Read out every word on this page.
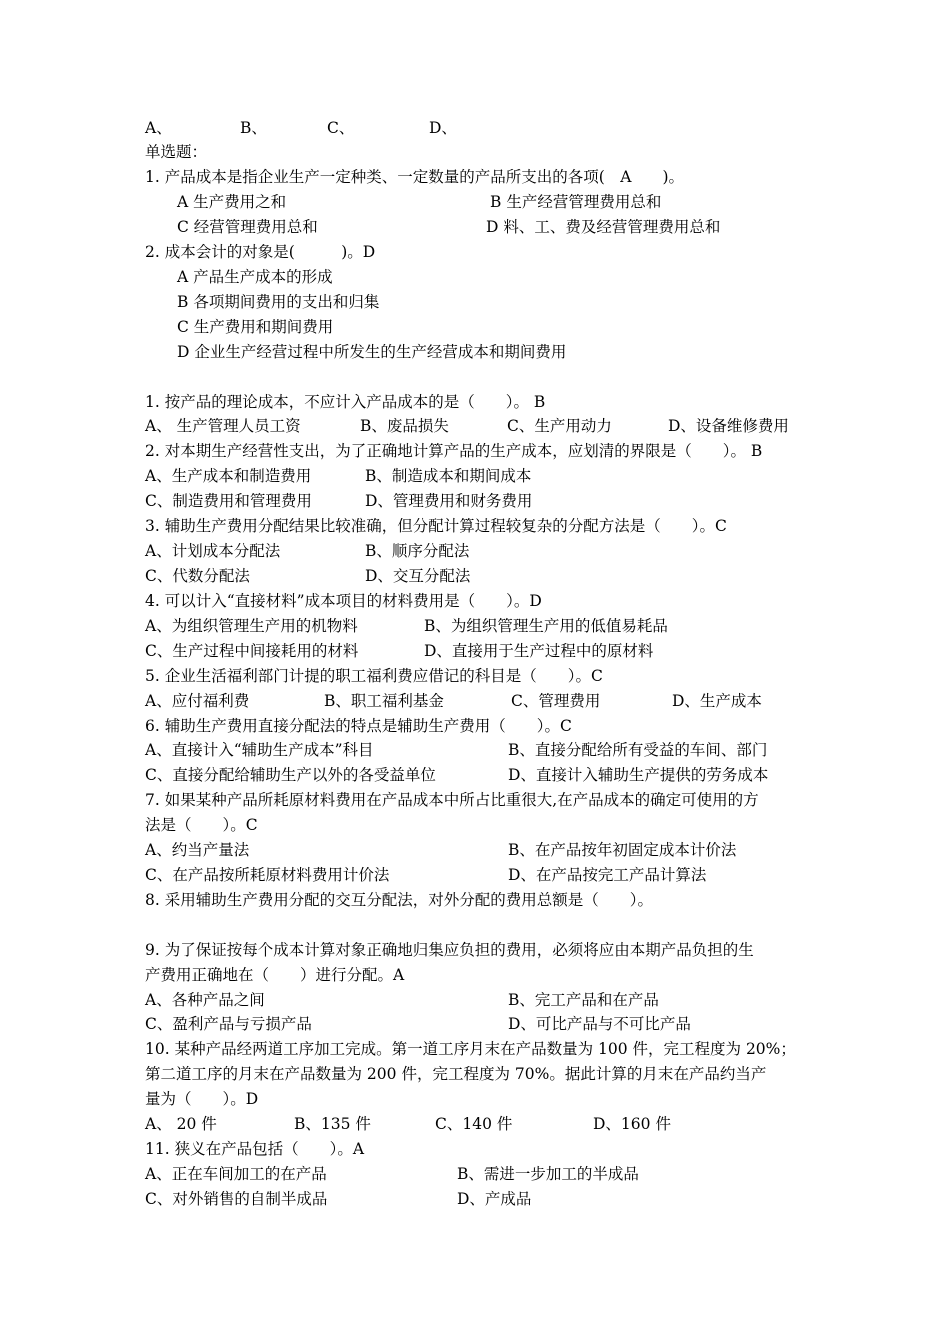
A、	B、	C、	D、
单选题：
1. 产品成本是指企业生产一定种类、一定数量的产品所支出的各项(　A　　)。
A 生产费用之和	B 生产经营管理费用总和
C 经营管理费用总和	D 料、工、费及经营管理费用总和
2. 成本会计的对象是(　　　)。D
A 产品生产成本的形成
B 各项期间费用的支出和归集
C 生产费用和期间费用
D 企业生产经营过程中所发生的生产经营成本和期间费用
1. 按产品的理论成本，不应计入产品成本的是（　　）。 B
A、 生产管理人员工资	B、废品损失	C、生产用动力	D、设备维修费用
2. 对本期生产经营性支出，为了正确地计算产品的生产成本，应划清的界限是（　　）。 B
A、生产成本和制造费用	B、制造成本和期间成本
C、制造费用和管理费用	D、管理费用和财务费用
3. 辅助生产费用分配结果比较准确，但分配计算过程较复杂的分配方法是（　　）。C
A、计划成本分配法	B、顺序分配法
C、代数分配法	D、交互分配法
4. 可以计入“直接材料”成本项目的材料费用是（　　）。D
A、为组织管理生产用的机物料	B、为组织管理生产用的低值易耗品
C、生产过程中间接耗用的材料	D、直接用于生产过程中的原材料
5. 企业生活福利部门计提的职工福利费应借记的科目是（　　）。C
A、应付福利费	B、职工福利基金	C、管理费用	D、生产成本
6. 辅助生产费用直接分配法的特点是辅助生产费用（　　）。C
A、直接计入“辅助生产成本”科目	B、直接分配给所有受益的车间、部门
C、直接分配给辅助生产以外的各受益单位	D、直接计入辅助生产提供的劳务成本
7. 如果某种产品所耗原材料费用在产品成本中所占比重很大,在产品成本的确定可使用的方
法是（　　）。C
A、约当产量法	B、在产品按年初固定成本计价法
C、在产品按所耗原材料费用计价法	D、在产品按完工产品计算法
8. 采用辅助生产费用分配的交互分配法，对外分配的费用总额是（　　）。
9. 为了保证按每个成本计算对象正确地归集应负担的费用，必须将应由本期产品负担的生
产费用正确地在（　　）进行分配。A
A、各种产品之间	B、完工产品和在产品
C、盈利产品与亏损产品	D、可比产品与不可比产品
10. 某种产品经两道工序加工完成。第一道工序月末在产品数量为 100 件，完工程度为 20%；
第二道工序的月末在产品数量为 200 件，完工程度为 70%。据此计算的月末在产品约当产
量为（　　）。D
A、 20 件	B、135 件	C、140 件	D、160 件
11. 狭义在产品包括（　　）。A
A、正在车间加工的在产品	B、需进一步加工的半成品
C、对外销售的自制半成品	D、产成品
